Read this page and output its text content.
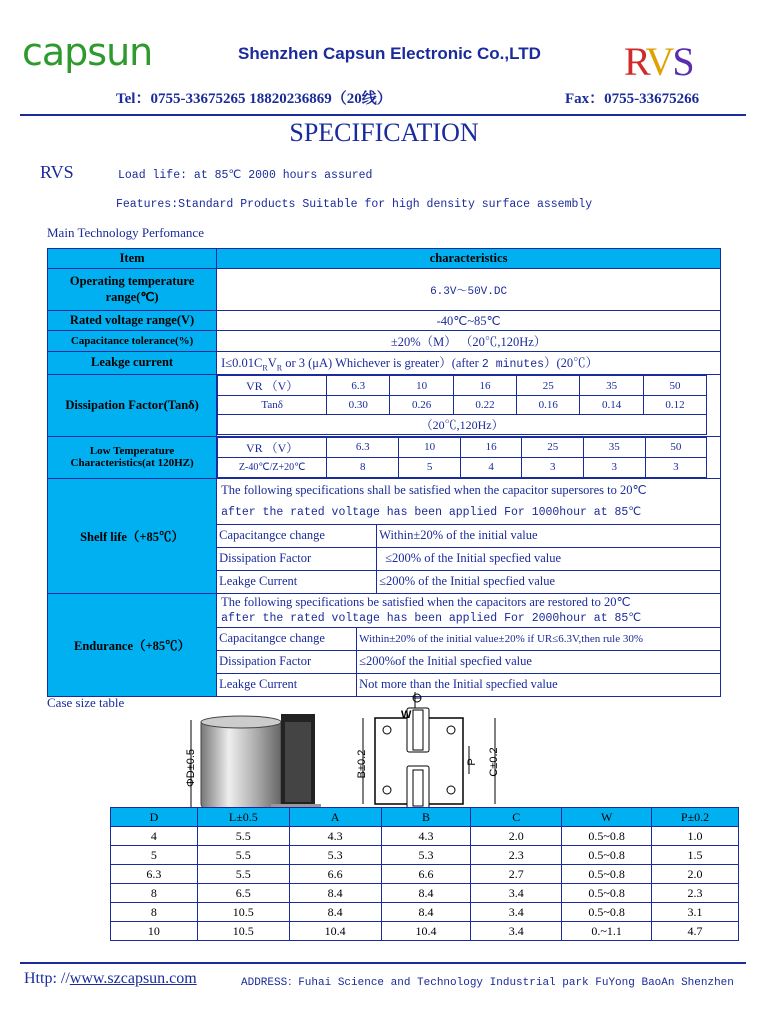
capsun	Shenzhen Capsun Electronic Co.,LTD RVS
Tel：0755-33675265 18820236869（20线）	Fax：0755-33675266
SPECIFICATION
RVS	Load life: at 85℃ 2000 hours assured
Features:Standard Products Suitable for high density surface assembly
Main Technology Perfomance
Item	characteristics
Operating temperature range(℃)	6.3V～50V.DC
Rated voltage range(V)	-40℃~85℃
Capacitance tolerance(%)	±20%（M） （20℃,120Hz）
Leakge current	$I\le 0.01C_RV_R$ or 3 (μA) Whichever is greater）(after 2 minutes）(20℃）
Dissipation Factor(Tanδ)	
VR （V）	6.3	10	16	25	35	50
Tanδ	0.30	0.26	0.22	0.16	0.14	0.12
（20℃,120Hz）

Low Temperature Characteristics(at 120HZ)	
VR （V）	6.3	10	16	25	35	50
Z-40℃/Z+20℃	8	5	4	3	3	3

Shelf life（+85℃）	The following specifications shall be satisfied when the capacitor supersores to 20℃
after the rated voltage has been applied For 1000hour at 85℃

Capacitangce change	Within±20% of the initial value

Dissipation Factor	≤200% of the Initial specfied value

Leakge Current	≤200% of the Initial specfied value

Endurance（+85℃）	The following specifications be satisfied when the capacitors are restored to 20℃
after the rated voltage has been applied For 2000hour at 85℃

Capacitangce change	Within±20% of the initial value±20% if UR≤6.3V,then rule 30%

Dissipation Factor	≤200%of the Initial specfied value

Leakge Current	Not more than the Initial specfied value
Case size table
ΦD±0.5
W
B±0.2	P C±0.2
D	L±0.5	A	B	C	W	P±0.2
4	5.5	4.3	4.3	2.0	0.5~0.8	1.0
5	5.5	5.3	5.3	2.3	0.5~0.8	1.5
6.3	5.5	6.6	6.6	2.7	0.5~0.8	2.0
8	6.5	8.4	8.4	3.4	0.5~0.8	2.3
8	10.5	8.4	8.4	3.4	0.5~0.8	3.1
10	10.5	10.4	10.4	3.4	0.~1.1	4.7
Http: //www.szcapsun.com	ADDRESS：Fuhai Science and Technology Industrial park FuYong BaoAn Shenzhen
